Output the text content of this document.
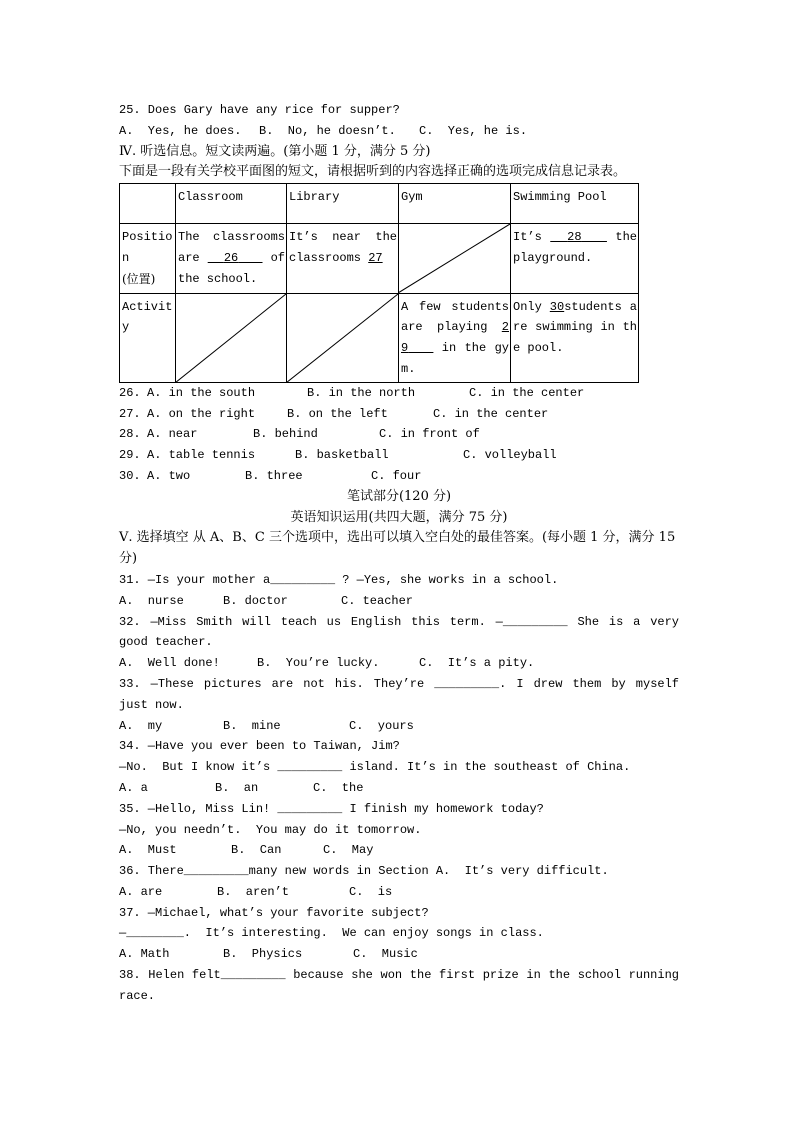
25. Does Gary have any rice for supper?
A.  Yes, he does. B.  No, he doesn’t. C.  Yes, he is.
Ⅳ. 听选信息。短文读两遍。(第小题 1 分，满分 5 分)
下面是一段有关学校平面图的短文，请根据听到的内容选择正确的选项完成信息记录表。
	Classroom	Library	Gym	Swimming Pool
Positio
n
(位置)	The classrooms are   26    of the school.	It’s near the classrooms 27		It’s   28    the playground.
Activit
y			A few students are playing 29    in the gym.	Only 30students are swimming in the pool.
26. A. in the south	B. in the north	C. in the center
27. A. on the right	B. on the left	C. in the center
28. A. near	B. behind	C. in front of
29. A. table tennis	B. basketball	C. volleyball
30. A. two	B. three	C. four
笔试部分(120 分)
英语知识运用(共四大题，满分 75 分)
Ⅴ. 选择填空 从 A、B、C 三个选项中，选出可以填入空白处的最佳答案。(每小题 1 分，满分 15 分)
31. —Is your mother a_________ ? —Yes, she works in a school.
A.  nurse	B. doctor	C. teacher
32. —Miss Smith will teach us English this term. —_________ She is a very good teacher.
A.  Well done!	B.  You’re lucky.	C.  It’s a pity.
33. —These pictures are not his. They’re _________. I drew them by myself just now.
A.  my	B.  mine	C.  yours
34. —Have you ever been to Taiwan, Jim?
—No.  But I know it’s _________ island. It’s in the southeast of China.
A. a	B.  an	C.  the
35. —Hello, Miss Lin! _________ I finish my homework today?
—No, you needn’t.  You may do it tomorrow.
A.  Must	B.  Can	C.  May
36. There_________many new words in Section A.  It’s very difficult.
A. are	B.  aren’t	C.  is
37. —Michael, what’s your favorite subject?
—________.  It’s interesting.  We can enjoy songs in class.
A. Math	B.  Physics	C.  Music
38. Helen felt_________ because she won the first prize in the school running race.
